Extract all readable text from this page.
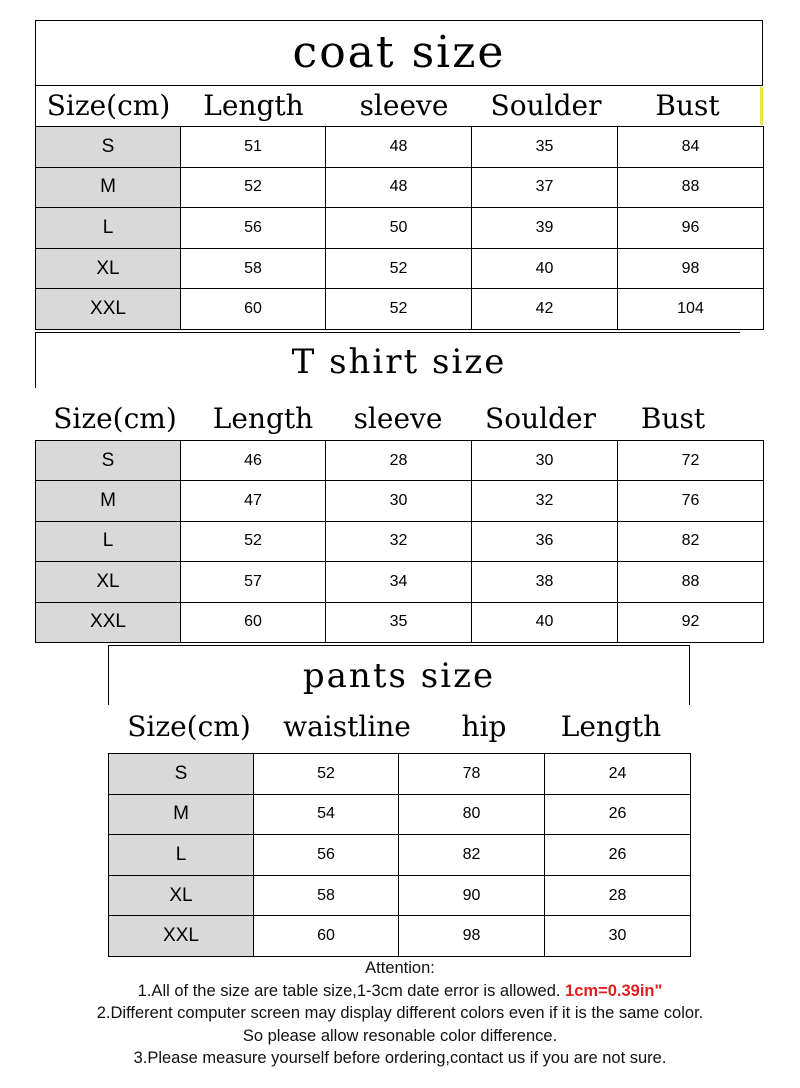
coat size
Size(cm)	Length	sleeve	Soulder	Bust
S	51	48	35	84
M	52	48	37	88
L	56	50	39	96
XL	58	52	40	98
XXL	60	52	42	104
T shirt size
Size(cm)	Length	sleeve	Soulder	Bust
S	46	28	30	72
M	47	30	32	76
L	52	32	36	82
XL	57	34	38	88
XXL	60	35	40	92
pants size
Size(cm)	waistline	hip	Length
S	52	78	24
M	54	80	26
L	56	82	26
XL	58	90	28
XXL	60	98	30
Attention:
1.All of the size are table size,1-3cm date error is allowed. 1cm=0.39in"
2.Different computer screen may display different colors even if it is the same color.
So please allow resonable color difference.
3.Please measure yourself before ordering,contact us if you are not sure.
